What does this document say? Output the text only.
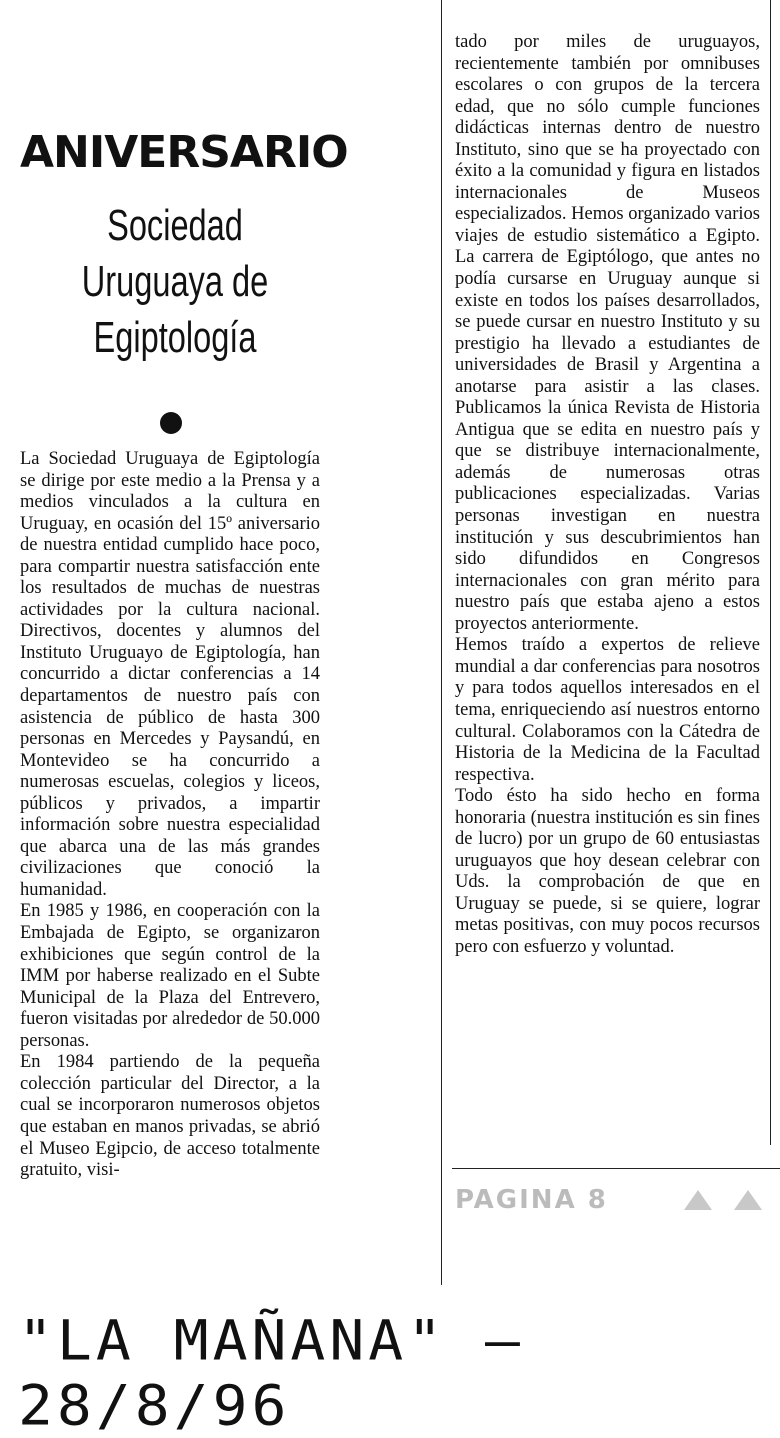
ANIVERSARIO
Sociedad Uruguaya de Egiptología

La Sociedad Uruguaya de Egiptología se dirige por este medio a la Prensa y a medios vinculados a la cultura en Uruguay, en ocasión del 15º aniversario de nuestra entidad cumplido hace poco, para compartir nuestra satisfacción ente los resultados de muchas de nuestras actividades por la cultura nacional. Directivos, docentes y alumnos del Instituto Uruguayo de Egiptología, han concurrido a dictar conferencias a 14 departamentos de nuestro país con asistencia de público de hasta 300 personas en Mercedes y Paysandú, en Montevideo se ha concurrido a numerosas escuelas, colegios y liceos, públicos y privados, a impartir información sobre nuestra especialidad que abarca una de las más grandes civilizaciones que conoció la humanidad.

En 1985 y 1986, en cooperación con la Embajada de Egipto, se organizaron exhibiciones que según control de la IMM por haberse realizado en el Subte Municipal de la Plaza del Entrevero, fueron visitadas por alrededor de 50.000 personas.

En 1984 partiendo de la pequeña colección particular del Director, a la cual se incorporaron numerosos objetos que estaban en manos privadas, se abrió el Museo Egipcio, de acceso totalmente gratuito, visi-

tado por miles de uruguayos, recientemente también por omnibuses escolares o con grupos de la tercera edad, que no sólo cumple funciones didácticas internas dentro de nuestro Instituto, sino que se ha proyectado con éxito a la comunidad y figura en listados internacionales de Museos especializados. Hemos organizado varios viajes de estudio sistemático a Egipto. La carrera de Egiptólogo, que antes no podía cursarse en Uruguay aunque si existe en todos los países desarrollados, se puede cursar en nuestro Instituto y su prestigio ha llevado a estudiantes de universidades de Brasil y Argentina a anotarse para asistir a las clases. Publicamos la única Revista de Historia Antigua que se edita en nuestro país y que se distribuye internacionalmente, además de numerosas otras publicaciones especializadas. Varias personas investigan en nuestra institución y sus descubrimientos han sido difundidos en Congresos internacionales con gran mérito para nuestro país que estaba ajeno a estos proyectos anteriormente.

Hemos traído a expertos de relieve mundial a dar conferencias para nosotros y para todos aquellos interesados en el tema, enriqueciendo así nuestros entorno cultural. Colaboramos con la Cátedra de Historia de la Medicina de la Facultad respectiva.

Todo ésto ha sido hecho en forma honoraria (nuestra institución es sin fines de lucro) por un grupo de 60 entusiastas uruguayos que hoy desean celebrar con Uds. la comprobación de que en Uruguay se puede, si se quiere, lograr metas positivas, con muy pocos recursos pero con esfuerzo y voluntad.

PAGINA 8
"LA MAÑANA" — 28/8/96
